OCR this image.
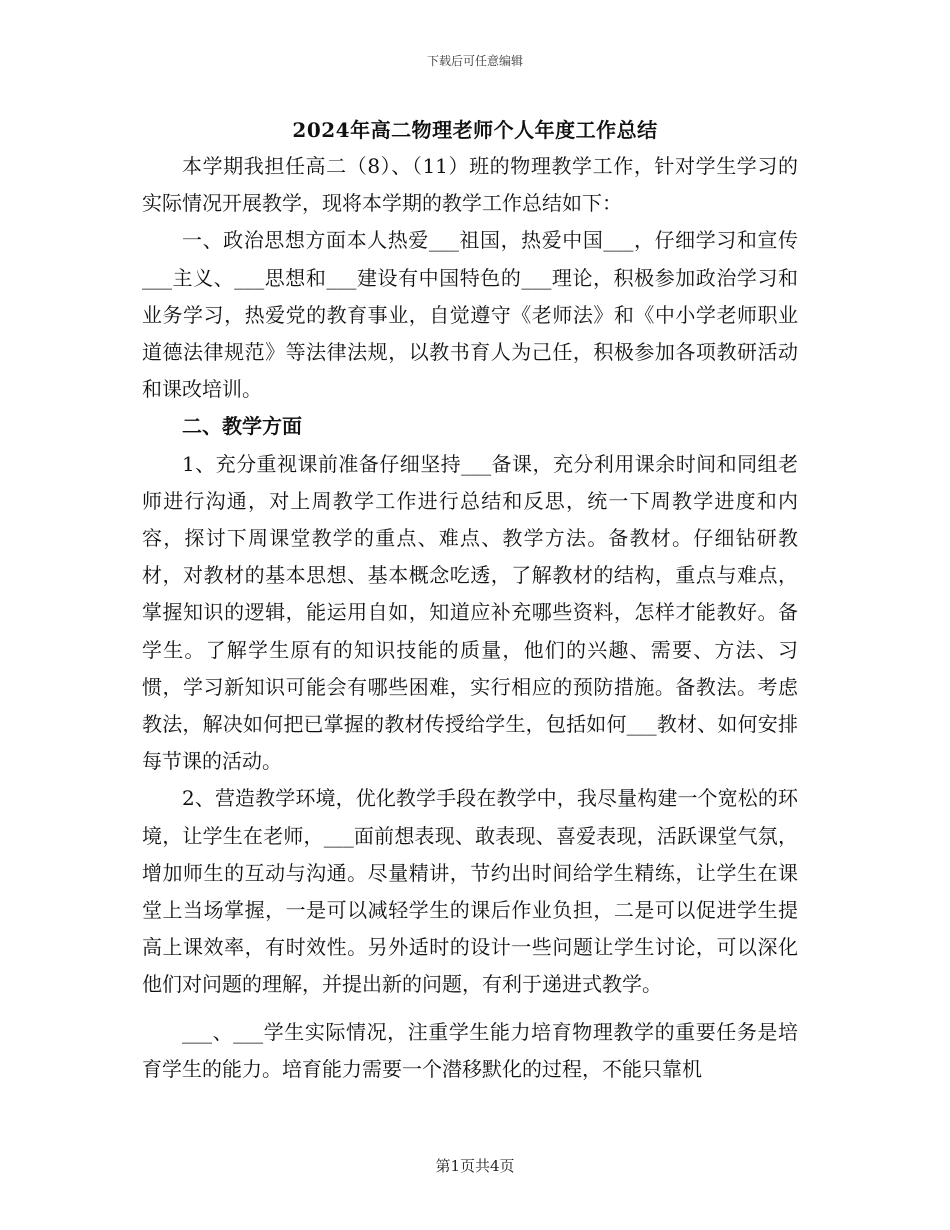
下载后可任意编辑
2024年高二物理老师个人年度工作总结

本学期我担任高二（8）、（11）班的物理教学工作，针对学生学习的实际情况开展教学，现将本学期的教学工作总结如下：

一、政治思想方面本人热爱___祖国，热爱中国___，仔细学习和宣传___主义、___思想和___建设有中国特色的___理论，积极参加政治学习和业务学习，热爱党的教育事业，自觉遵守《老师法》和《中小学老师职业道德法律规范》等法律法规，以教书育人为己任，积极参加各项教研活动和课改培训。

二、教学方面

1、充分重视课前准备仔细坚持___备课，充分利用课余时间和同组老师进行沟通，对上周教学工作进行总结和反思，统一下周教学进度和内容，探讨下周课堂教学的重点、难点、教学方法。备教材。仔细钻研教材，对教材的基本思想、基本概念吃透，了解教材的结构，重点与难点，掌握知识的逻辑，能运用自如，知道应补充哪些资料，怎样才能教好。备学生。了解学生原有的知识技能的质量，他们的兴趣、需要、方法、习惯，学习新知识可能会有哪些困难，实行相应的预防措施。备教法。考虑教法，解决如何把已掌握的教材传授给学生，包括如何___教材、如何安排每节课的活动。

2、营造教学环境，优化教学手段在教学中，我尽量构建一个宽松的环境，让学生在老师，___面前想表现、敢表现、喜爱表现，活跃课堂气氛，增加师生的互动与沟通。尽量精讲，节约出时间给学生精练，让学生在课堂上当场掌握，一是可以减轻学生的课后作业负担，二是可以促进学生提高上课效率，有时效性。另外适时的设计一些问题让学生讨论，可以深化他们对问题的理解，并提出新的问题，有利于递进式教学。

___、___学生实际情况，注重学生能力培育物理教学的重要任务是培育学生的能力。培育能力需要一个潜移默化的过程，不能只靠机

第1页共4页
